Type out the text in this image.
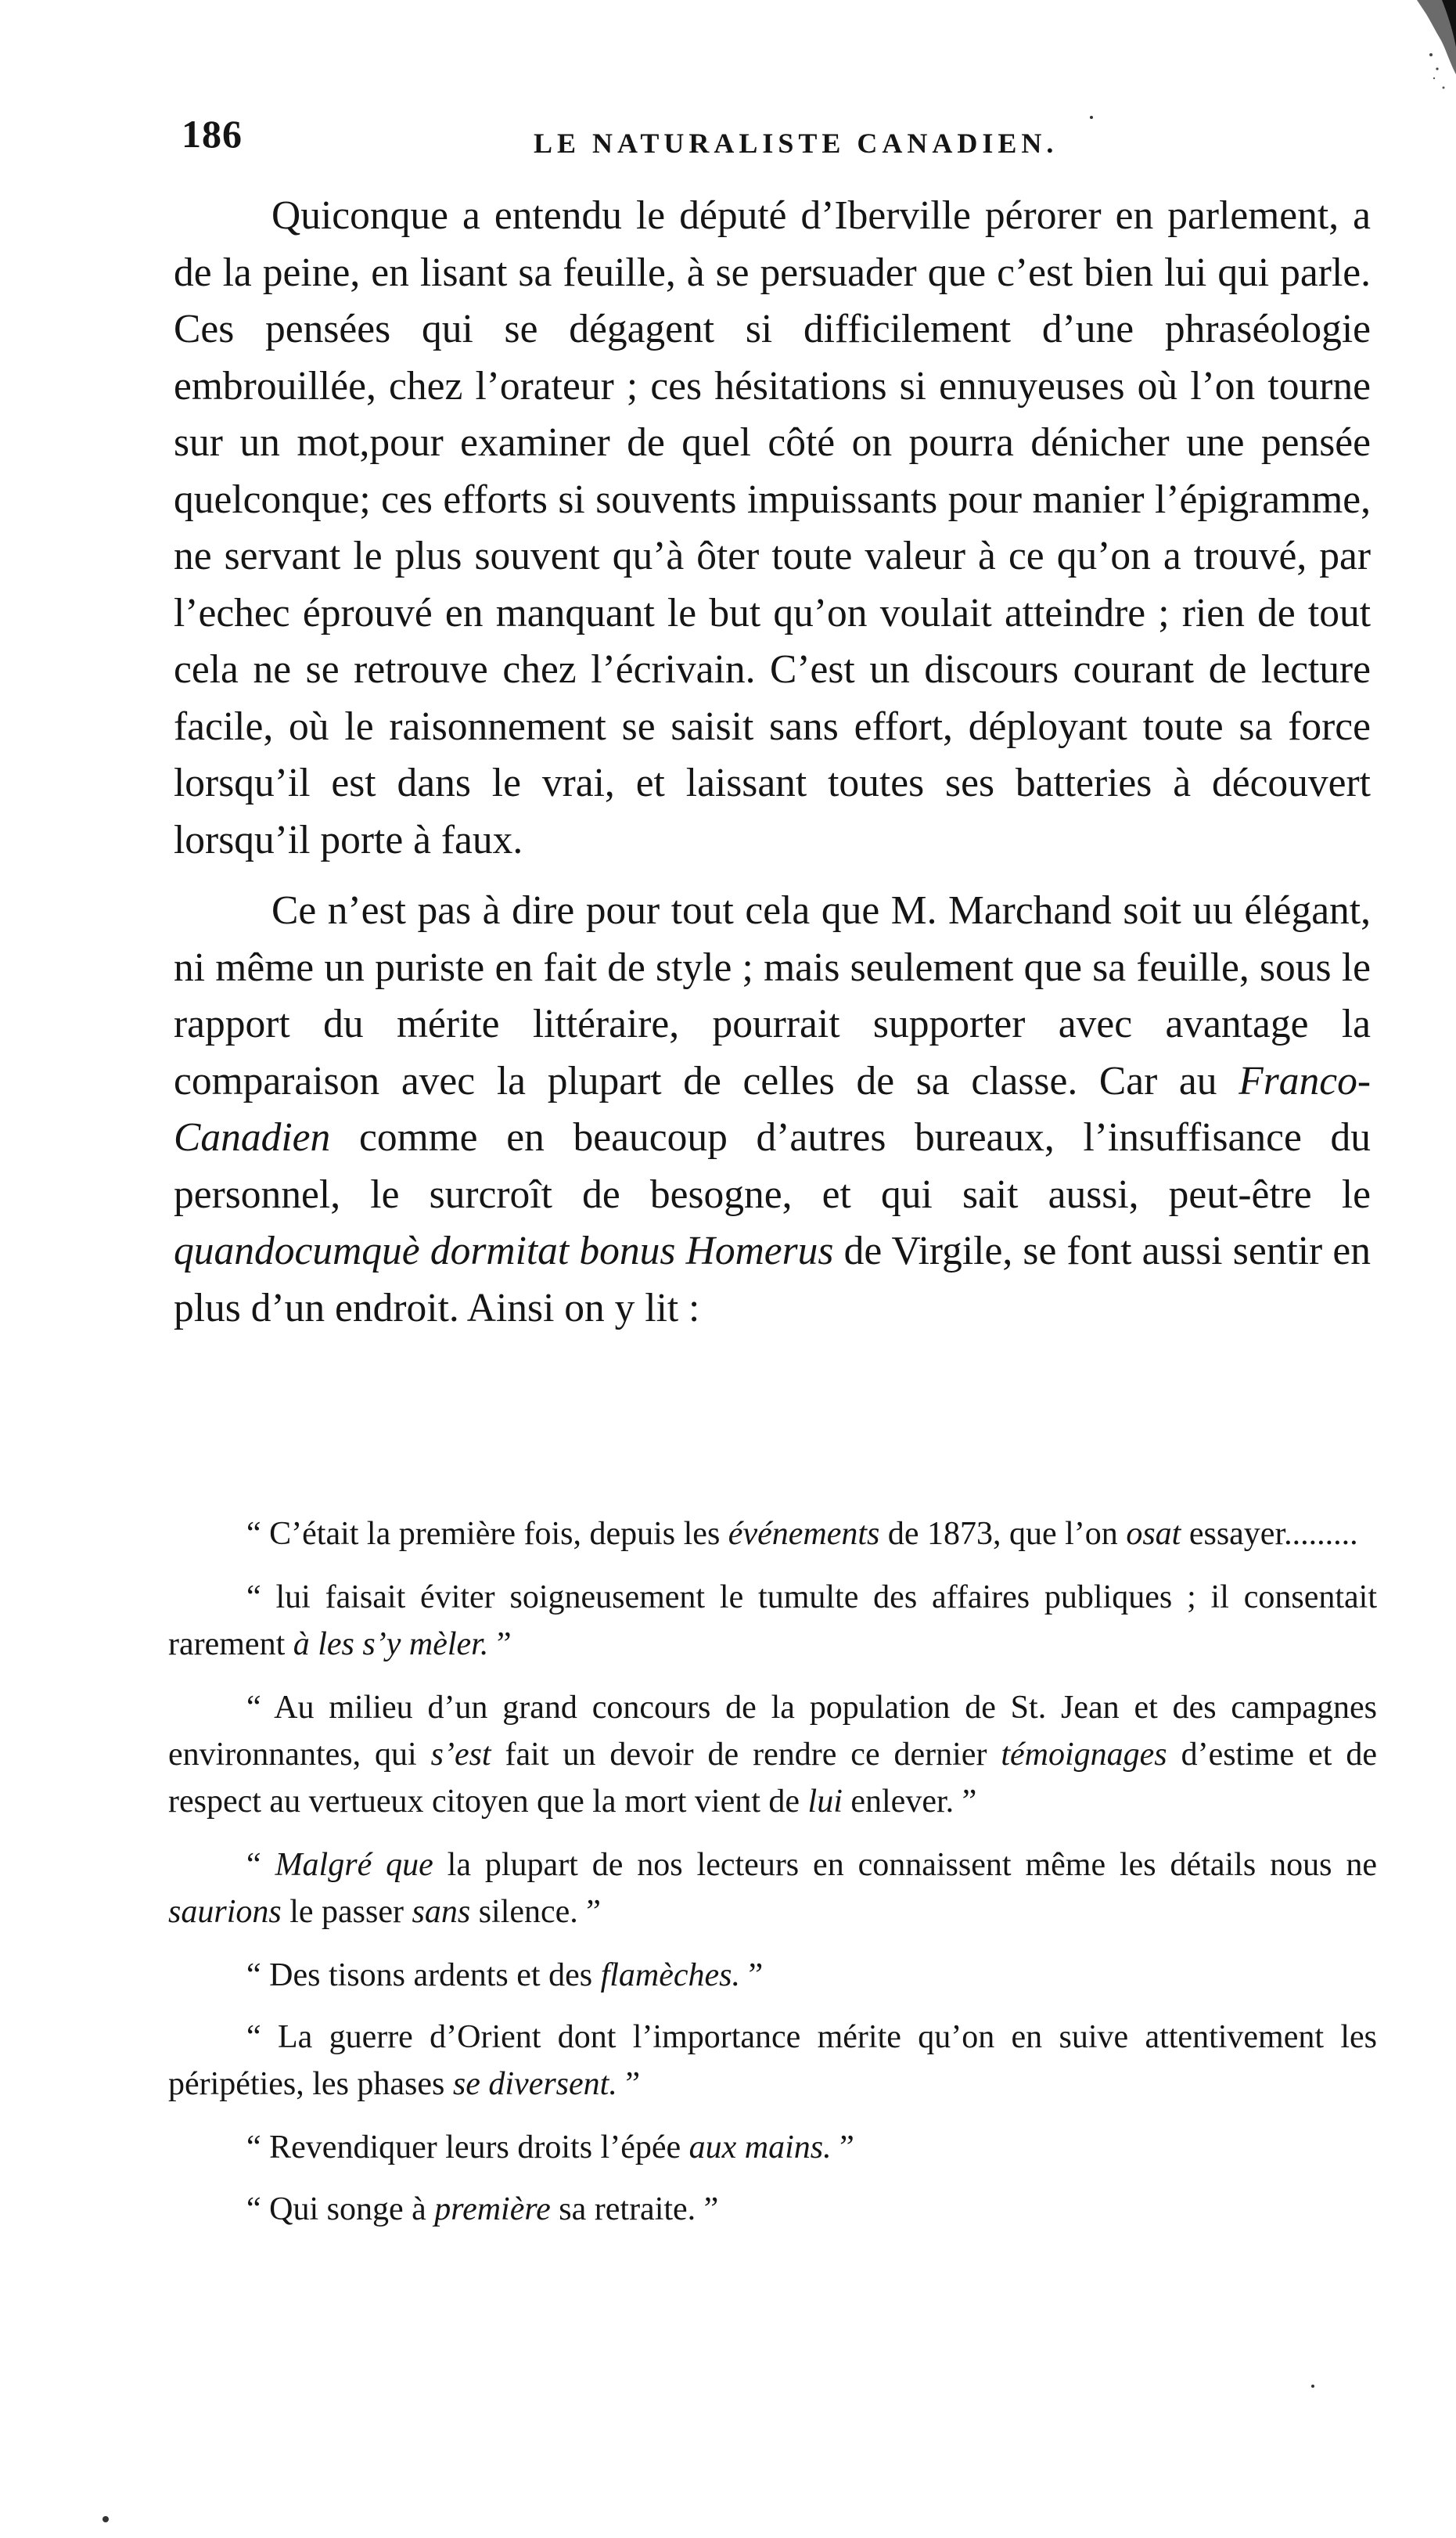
186	LE NATURALISTE CANADIEN.

Quiconque a entendu le député d’Iberville pérorer en parlement, a de la peine, en lisant sa feuille, à se persuader que c’est bien lui qui parle. Ces pensées qui se dégagent si difficilement d’une phraséologie embrouillée, chez l’orateur ; ces hésitations si ennuyeuses où l’on tourne sur un mot,pour examiner de quel côté on pourra dénicher une pensée quelconque; ces efforts si souvents impuissants pour manier l’épigramme, ne servant le plus souvent qu’à ôter toute valeur à ce qu’on a trouvé, par l’echec éprouvé en manquant le but qu’on voulait atteindre ; rien de tout cela ne se retrouve chez l’écrivain. C’est un discours courant de lecture facile, où le raisonnement se saisit sans effort, déployant toute sa force lorsqu’il est dans le vrai, et laissant toutes ses batteries à découvert lorsqu’il porte à faux.

Ce n’est pas à dire pour tout cela que M. Marchand soit uu élégant, ni même un puriste en fait de style ; mais seulement que sa feuille, sous le rapport du mérite littéraire, pourrait supporter avec avantage la comparaison avec la plupart de celles de sa classe. Car au Franco-Canadien comme en beaucoup d’autres bureaux, l’insuffisance du personnel, le surcroît de besogne, et qui sait aussi, peut-être le quandocumquè dormitat bonus Homerus de Virgile, se font aussi sentir en plus d’un endroit. Ainsi on y lit :

“ C’était la première fois, depuis les événements de 1873, que l’on osat essayer.........

“ lui faisait éviter soigneusement le tumulte des affaires publiques ; il consentait rarement à les s’y mèler. ”

“ Au milieu d’un grand concours de la population de St. Jean et des campagnes environnantes, qui s’est fait un devoir de rendre ce dernier témoignages d’estime et de respect au vertueux citoyen que la mort vient de lui enlever. ”

“ Malgré que la plupart de nos lecteurs en connaissent même les détails nous ne saurions le passer sans silence. ”

“ Des tisons ardents et des flamèches. ”

“ La guerre d’Orient dont l’importance mérite qu’on en suive attentivement les péripéties, les phases se diversent. ”

“ Revendiquer leurs droits l’épée aux mains. ”

“ Qui songe à première sa retraite. ”
